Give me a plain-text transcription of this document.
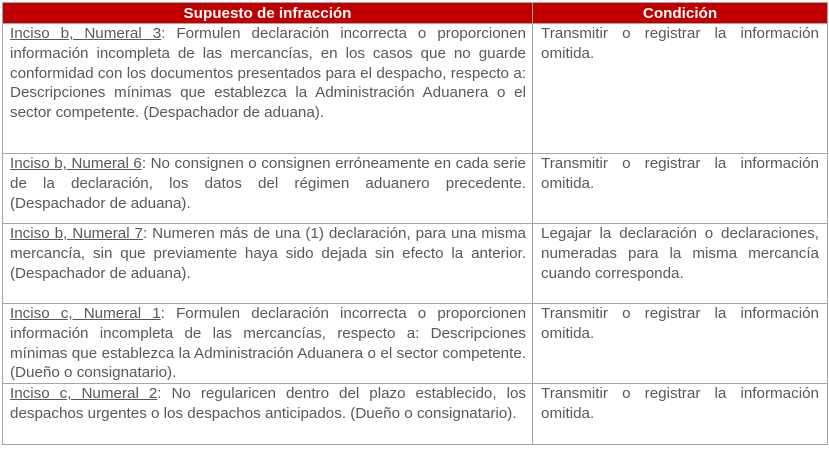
Supuesto de infracción	Condición
Inciso b, Numeral 3: Formulen declaración incorrecta o proporcionen información incompleta de las mercancías, en los casos que no guarde conformidad con los documentos presentados para el despacho, respecto a: Descripciones mínimas que establezca la Administración Aduanera o el sector competente. (Despachador de aduana).	Transmitir o registrar la información omitida.
Inciso b, Numeral 6: No consignen o consignen erróneamente en cada serie de la declaración, los datos del régimen aduanero precedente. (Despachador de aduana).	Transmitir o registrar la información omitida.
Inciso b, Numeral 7: Numeren más de una (1) declaración, para una misma mercancía, sin que previamente haya sido dejada sin efecto la anterior. (Despachador de aduana).	Legajar la declaración o declaraciones, numeradas para la misma mercancía cuando corresponda.
Inciso c, Numeral 1: Formulen declaración incorrecta o proporcionen información incompleta de las mercancías, respecto a: Descripciones mínimas que establezca la Administración Aduanera o el sector competente. (Dueño o consignatario).	Transmitir o registrar la información omitida.
Inciso c, Numeral 2: No regularicen dentro del plazo establecido, los despachos urgentes o los despachos anticipados. (Dueño o consignatario).	Transmitir o registrar la información omitida.
